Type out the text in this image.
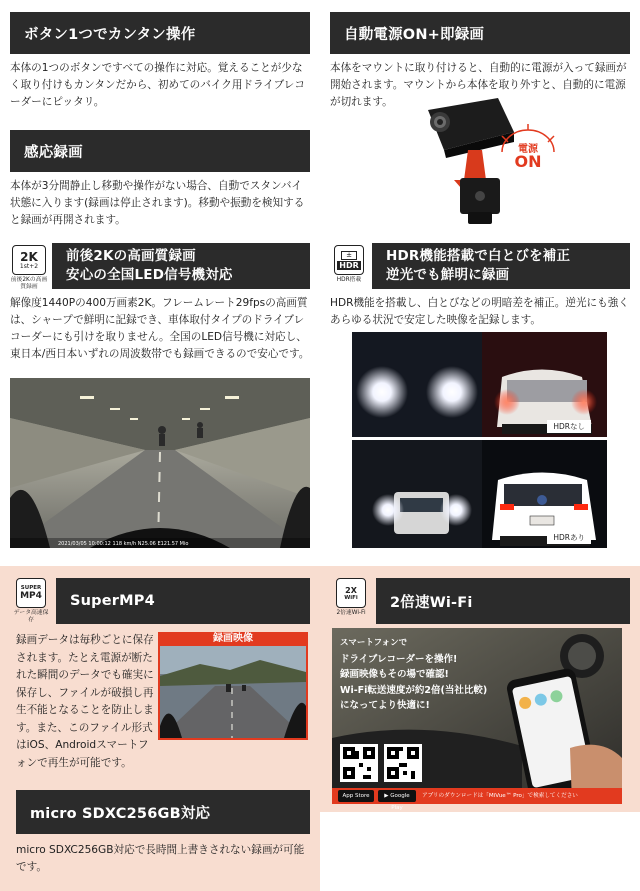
ボタン1つでカンタン操作

本体の1つのボタンですべての操作に対応。覚えることが少なく取り付けもカンタンだから、初めてのバイク用ドライブレコーダーにピッタリ。

自動電源ON+即録画

本体をマウントに取り付けると、自動的に電源が入って録画が開始されます。マウントから本体を取り外すと、自動的に電源が切れます。

電源
ON
感応録画

本体が3分間静止し移動や操作がない場合、自動でスタンバイ状態に入ります(録画は停止されます)。移動や振動を検知すると録画が再開されます。

2K
1st+2
前後2Kの高画質録画
前後2Kの高画質録画
安心の全国LED信号機対応

解像度1440Pの400万画素2K。フレームレート29fpsの高画質は、シャープで鮮明に記録でき、車体取付タイプのドライブレコーダーにも引けを取りません。全国のLED信号機に対応し、東日本/西日本いずれの周波数帯でも録画できるので安心です。

2021/03/05 10:00:12 118 km/h N25.06 E121.57 Mio
±
HDR
HDR搭載
HDR機能搭載で白とびを補正
逆光でも鮮明に録画

HDR機能を搭載し、白とびなどの明暗差を補正。逆光にも強くあらゆる状況で安定した映像を記録します。

HDRなし
HDRあり
SUPER
MP4
データ高速保存
SuperMP4

録画データは毎秒ごとに保存されます。たとえ電源が断たれた瞬間のデータでも確実に保存し、ファイルが破損し再生不能となることを防止します。また、このファイル形式はiOS、Androidスマートフォンで再生が可能です。

録画映像
micro SDXC256GB対応

micro SDXC256GB対応で長時間上書きされない録画が可能です。

2X
WiFi
2倍速Wi-Fi
2倍速Wi-Fi
スマートフォンで
ドライブレコーダーを操作!
録画映像もその場で確認!
Wi-Fi転送速度が約2倍(当社比較)
になってより快適に!
App Store	▶ Google Play
アプリのダウンロードは「MiVue™ Pro」で検索してください
